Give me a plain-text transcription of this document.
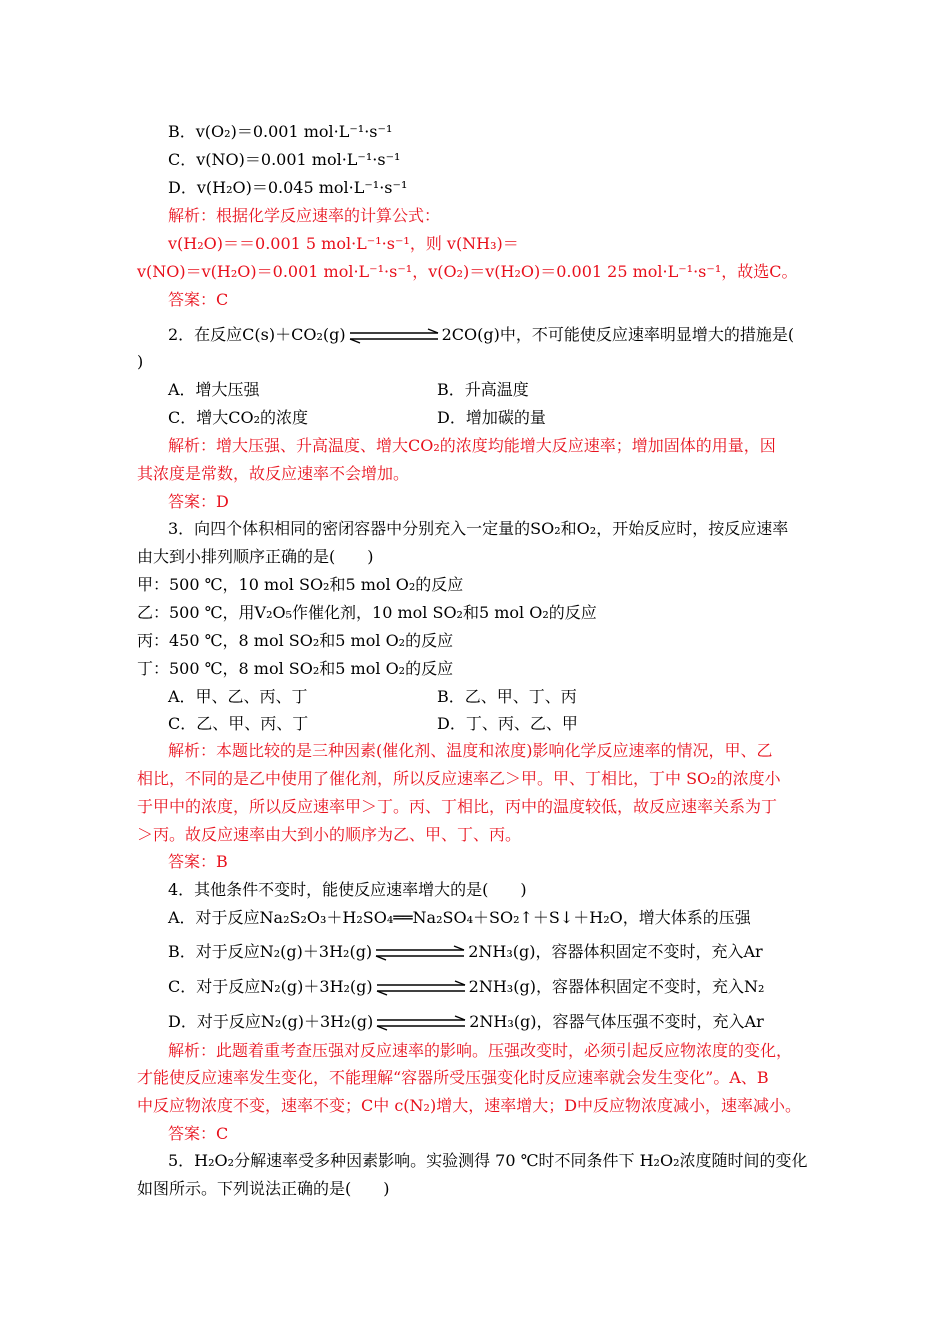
B．v(O₂)＝0.001 mol·L⁻¹·s⁻¹
C．v(NO)＝0.001 mol·L⁻¹·s⁻¹
D．v(H₂O)＝0.045 mol·L⁻¹·s⁻¹
解析：根据化学反应速率的计算公式：
v(H₂O)＝＝0.001 5 mol·L⁻¹·s⁻¹，则 v(NH₃)＝
v(NO)＝v(H₂O)＝0.001 mol·L⁻¹·s⁻¹，v(O₂)＝v(H₂O)＝0.001 25 mol·L⁻¹·s⁻¹，故选C。
答案：C
2．在反应C(s)＋CO₂(g)	2CO(g)中，不可能使反应速率明显增大的措施是(
)
A．增大压强	B．升高温度
C．增大CO₂的浓度	D．增加碳的量
解析：增大压强、升高温度、增大CO₂的浓度均能增大反应速率；增加固体的用量，因
其浓度是常数，故反应速率不会增加。
答案：D
3．向四个体积相同的密闭容器中分别充入一定量的SO₂和O₂，开始反应时，按反应速率
由大到小排列顺序正确的是(　　)
甲：500 ℃，10 mol SO₂和5 mol O₂的反应
乙：500 ℃，用V₂O₅作催化剂，10 mol SO₂和5 mol O₂的反应
丙：450 ℃，8 mol SO₂和5 mol O₂的反应
丁：500 ℃，8 mol SO₂和5 mol O₂的反应
A．甲、乙、丙、丁	B．乙、甲、丁、丙
C．乙、甲、丙、丁	D．丁、丙、乙、甲
解析：本题比较的是三种因素(催化剂、温度和浓度)影响化学反应速率的情况，甲、乙
相比，不同的是乙中使用了催化剂，所以反应速率乙＞甲。甲、丁相比，丁中 SO₂的浓度小
于甲中的浓度，所以反应速率甲＞丁。丙、丁相比，丙中的温度较低，故反应速率关系为丁
＞丙。故反应速率由大到小的顺序为乙、甲、丁、丙。
答案：B
4．其他条件不变时，能使反应速率增大的是(　　)
A．对于反应Na₂S₂O₃＋H₂SO₄══Na₂SO₄＋SO₂↑＋S↓＋H₂O，增大体系的压强
B．对于反应N₂(g)＋3H₂(g)	2NH₃(g)，容器体积固定不变时，充入Ar
C．对于反应N₂(g)＋3H₂(g)	2NH₃(g)，容器体积固定不变时，充入N₂
D．对于反应N₂(g)＋3H₂(g)	2NH₃(g)，容器气体压强不变时，充入Ar
解析：此题着重考查压强对反应速率的影响。压强改变时，必须引起反应物浓度的变化，
才能使反应速率发生变化，不能理解“容器所受压强变化时反应速率就会发生变化”。A、B
中反应物浓度不变，速率不变；C中 c(N₂)增大，速率增大；D中反应物浓度减小，速率减小。
答案：C
5．H₂O₂分解速率受多种因素影响。实验测得 70 ℃时不同条件下 H₂O₂浓度随时间的变化
如图所示。下列说法正确的是(　　)
